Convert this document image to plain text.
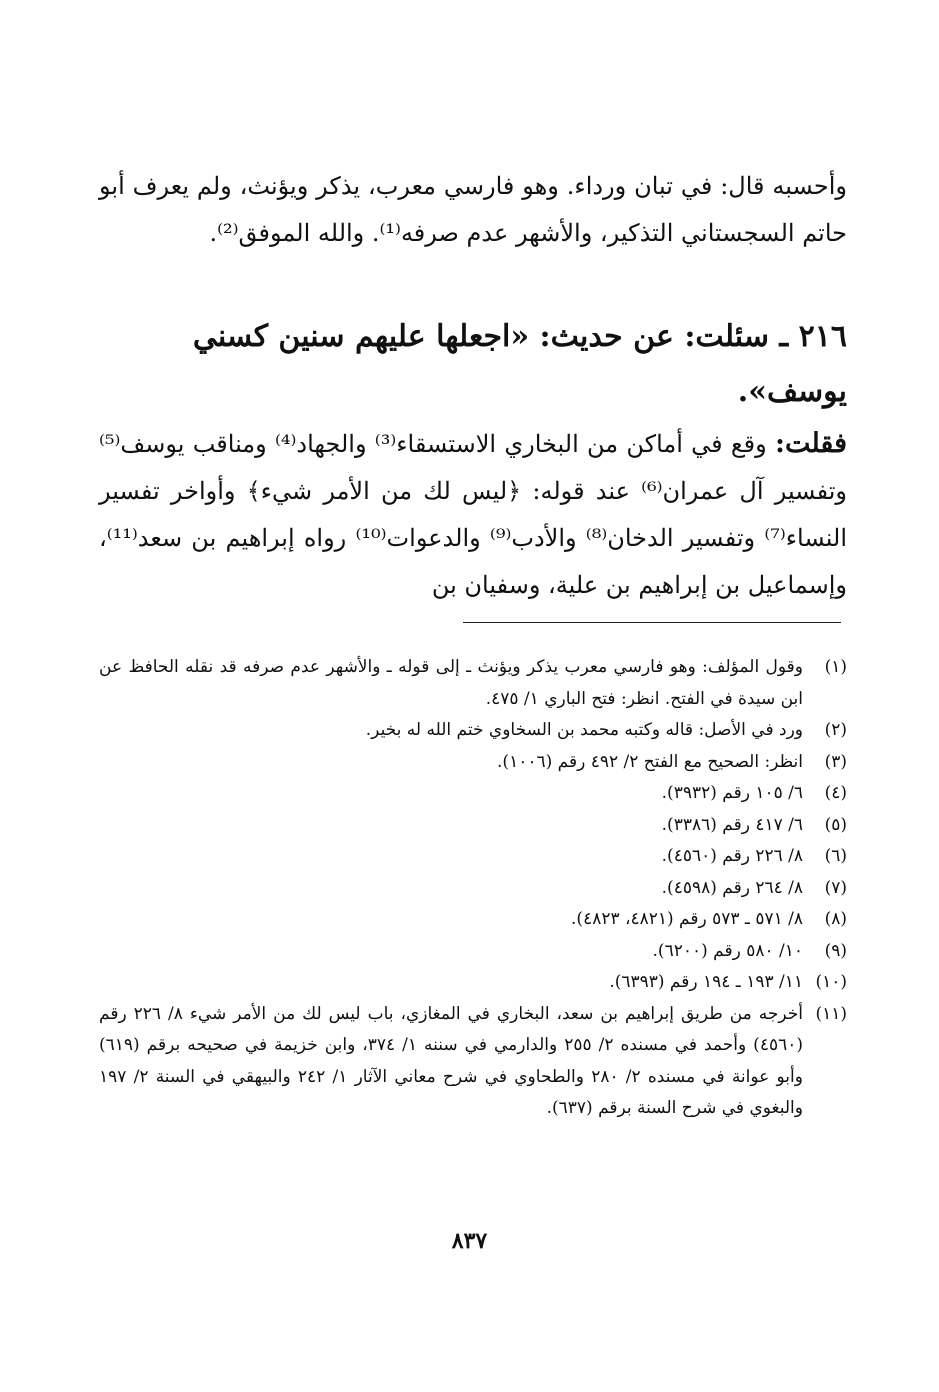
وأحسبه قال: في تبان ورداء. وهو فارسي معرب، يذكر ويؤنث، ولم يعرف أبو حاتم السجستاني التذكير، والأشهر عدم صرفه⁽¹⁾. والله الموفق⁽²⁾.

٢١٦ ـ سئلت: عن حديث: «اجعلها عليهم سنين كسني يوسف».

فقلت: وقع في أماكن من البخاري الاستسقاء⁽³⁾ والجهاد⁽⁴⁾ ومناقب يوسف⁽⁵⁾ وتفسير آل عمران⁽⁶⁾ عند قوله: ﴿ليس لك من الأمر شيء﴾ وأواخر تفسير النساء⁽⁷⁾ وتفسير الدخان⁽⁸⁾ والأدب⁽⁹⁾ والدعوات⁽¹⁰⁾ رواه إبراهيم بن سعد⁽¹¹⁾، وإسماعيل بن إبراهيم بن علية، وسفيان بن

(١)
وقول المؤلف: وهو فارسي معرب يذكر ويؤنث ـ إلى قوله ـ والأشهر عدم صرفه قد نقله الحافظ عن ابن سيدة في الفتح. انظر: فتح الباري ١/ ٤٧٥.
(٢)
ورد في الأصل: قاله وكتبه محمد بن السخاوي ختم الله له بخير.
(٣)
انظر: الصحيح مع الفتح ٢/ ٤٩٢ رقم (١٠٠٦).
(٤)
٦/ ١٠٥ رقم (٣٩٣٢).
(٥)
٦/ ٤١٧ رقم (٣٣٨٦).
(٦)
٨/ ٢٢٦ رقم (٤٥٦٠).
(٧)
٨/ ٢٦٤ رقم (٤٥٩٨).
(٨)
٨/ ٥٧١ ـ ٥٧٣ رقم (٤٨٢١، ٤٨٢٣).
(٩)
١٠/ ٥٨٠ رقم (٦٢٠٠).
(١٠)
١١/ ١٩٣ ـ ١٩٤ رقم (٦٣٩٣).
(١١)
أخرجه من طريق إبراهيم بن سعد، البخاري في المغازي، باب ليس لك من الأمر شيء ٨/ ٢٢٦ رقم (٤٥٦٠) وأحمد في مسنده ٢/ ٢٥٥ والدارمي في سننه ١/ ٣٧٤، وابن خزيمة في صحيحه برقم (٦١٩) وأبو عوانة في مسنده ٢/ ٢٨٠ والطحاوي في شرح معاني الآثار ١/ ٢٤٢ والبيهقي في السنة ٢/ ١٩٧ والبغوي في شرح السنة برقم (٦٣٧).
٨٣٧
